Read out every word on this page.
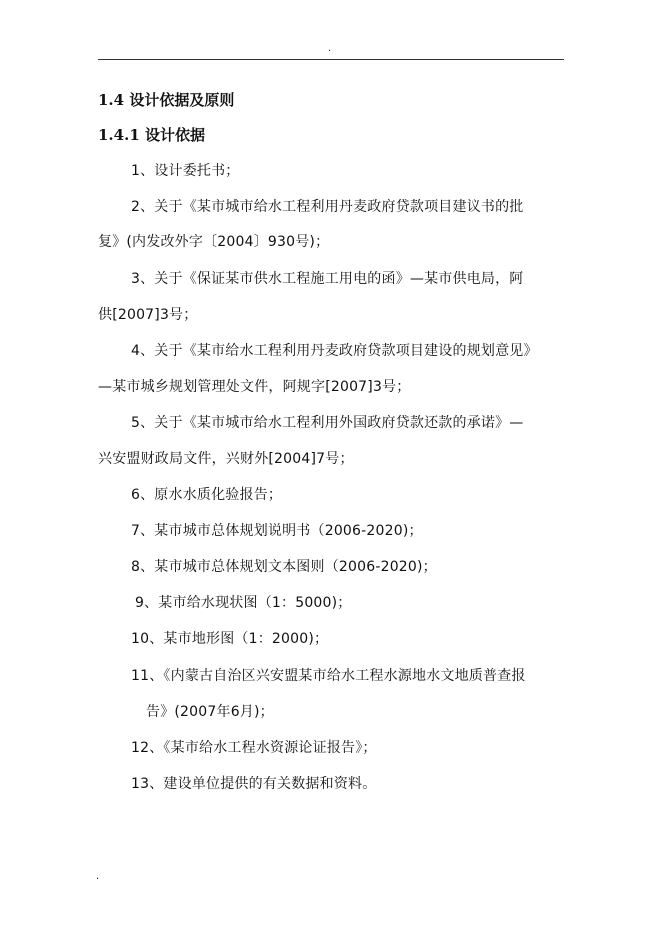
.
1.4 设计依据及原则
1.4.1 设计依据
1、设计委托书；
2、关于《某市城市给水工程利用丹麦政府贷款项目建议书的批
复》(内发改外字〔2004〕930号)；
3、关于《保证某市供水工程施工用电的函》—某市供电局，阿
供[2007]3号；
4、关于《某市给水工程利用丹麦政府贷款项目建设的规划意见》
—某市城乡规划管理处文件，阿规字[2007]3号；
5、关于《某市城市给水工程利用外国政府贷款还款的承诺》—
兴安盟财政局文件，兴财外[2004]7号；
6、原水水质化验报告；
7、某市城市总体规划说明书（2006-2020)；
8、某市城市总体规划文本图则（2006-2020)；
9、某市给水现状图（1：5000)；
10、某市地形图（1：2000)；
11、《内蒙古自治区兴安盟某市给水工程水源地水文地质普查报
告》(2007年6月)；
12、《某市给水工程水资源论证报告》；
13、建设单位提供的有关数据和资料。
.
